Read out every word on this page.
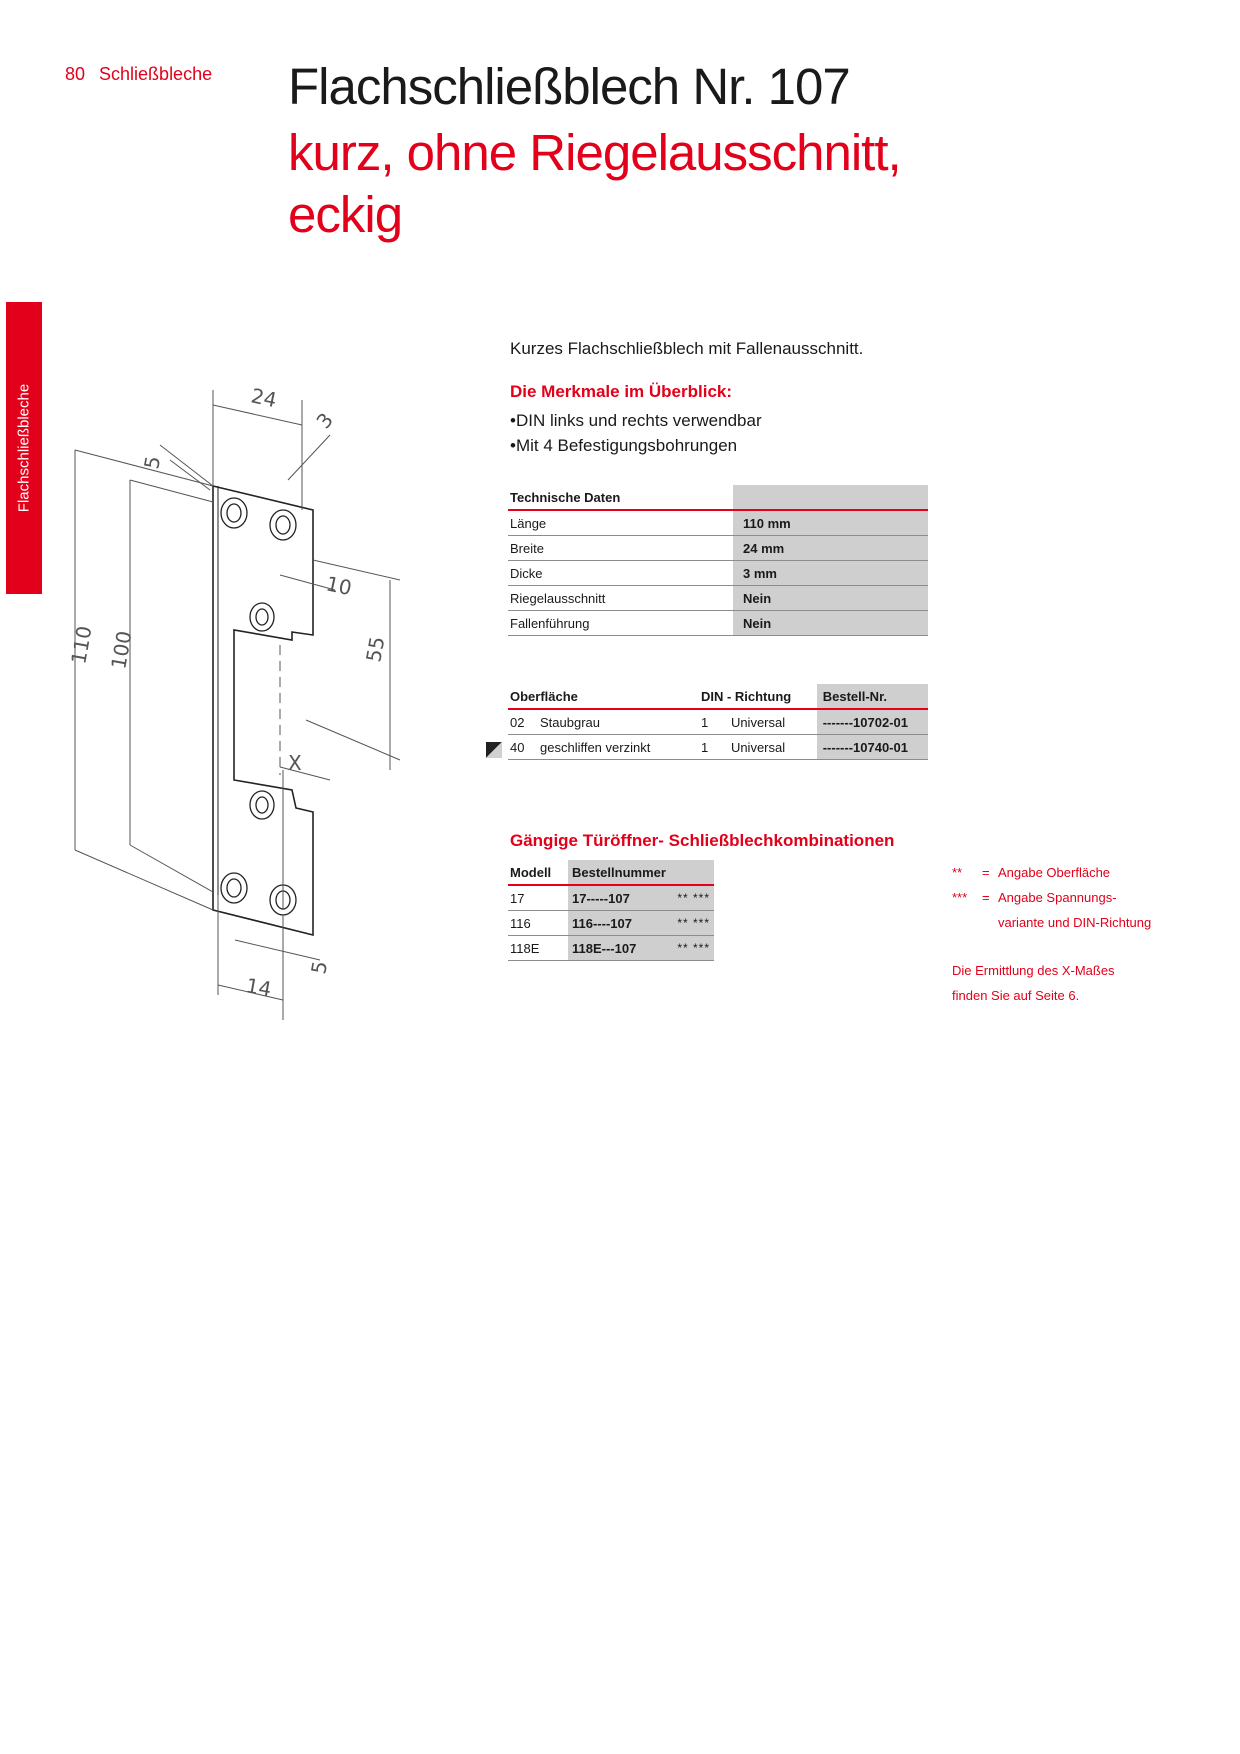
80 Schließbleche Flachschließblech Nr. 107
kurz, ohne Riegelausschnitt,
eckig
Flachschließbleche	24
3
5
10
110 100	55
X
5
14
Kurzes Flachschließblech mit Fallenausschnitt.
Die Merkmale im Überblick:
• DIN links und rechts verwendbar
• Mit 4 Befestigungsbohrungen
Technische Daten	
Länge	110 mm
Breite	24 mm
Dicke	3 mm
Riegelausschnitt	Nein
Fallenführung	Nein
Oberfläche		DIN - Richtung		Bestell-Nr.
02	Staubgrau	1	Universal	-------10702-01
40	geschliffen verzinkt	1	Universal	-------10740-01
Gängige Türöffner- Schließblechkombinationen
Modell	Bestellnummer
17	17-----107 ** ***

116	116----107 ** ***

118E	118E---107 ** ***
**	= Angabe Oberfläche
***	= Angabe Spannungs-
variante und DIN-Richtung
Die Ermittlung des X-Maßes
finden Sie auf Seite 6.
